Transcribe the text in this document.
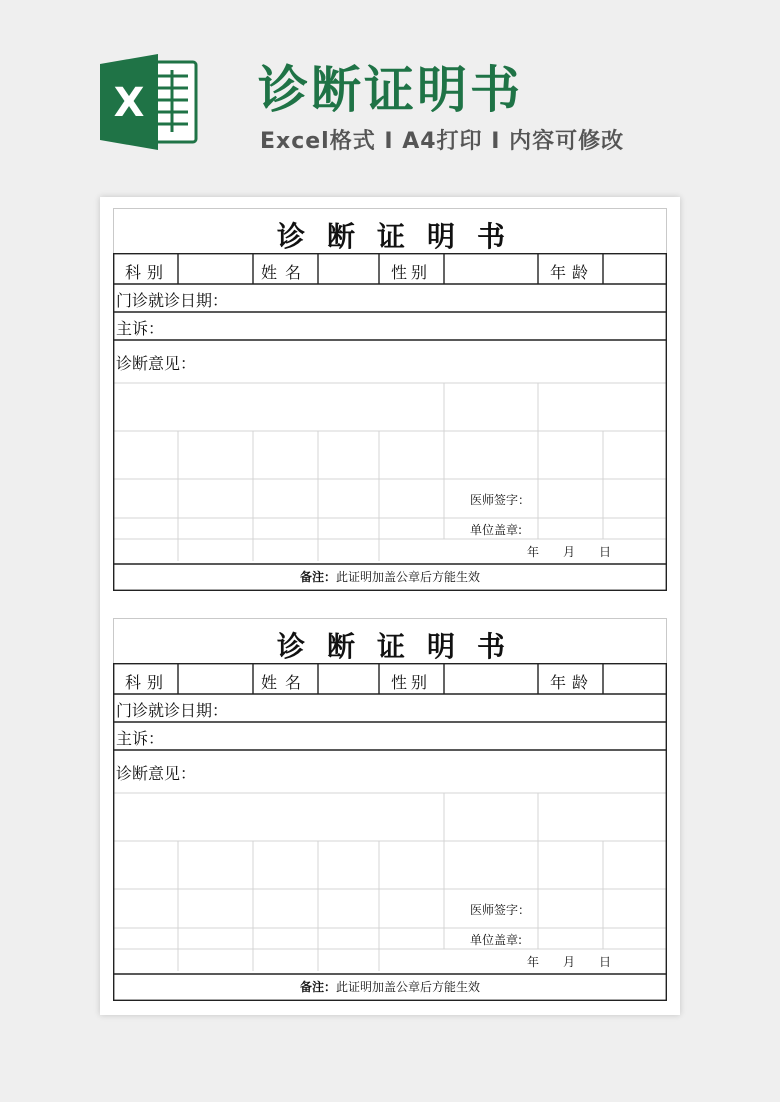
X 诊断证明书
Excel格式 I A4打印 I 内容可修改
诊断证明书
科别	姓名	性别	年龄
门诊就诊日期：
主诉：
诊断意见：
医师签字：
单位盖章:
年 月 日
备注：此证明加盖公章后方能生效
诊断证明书
科别	姓名	性别	年龄
门诊就诊日期：
主诉：
诊断意见：
医师签字：
单位盖章:
年 月 日
备注：此证明加盖公章后方能生效
